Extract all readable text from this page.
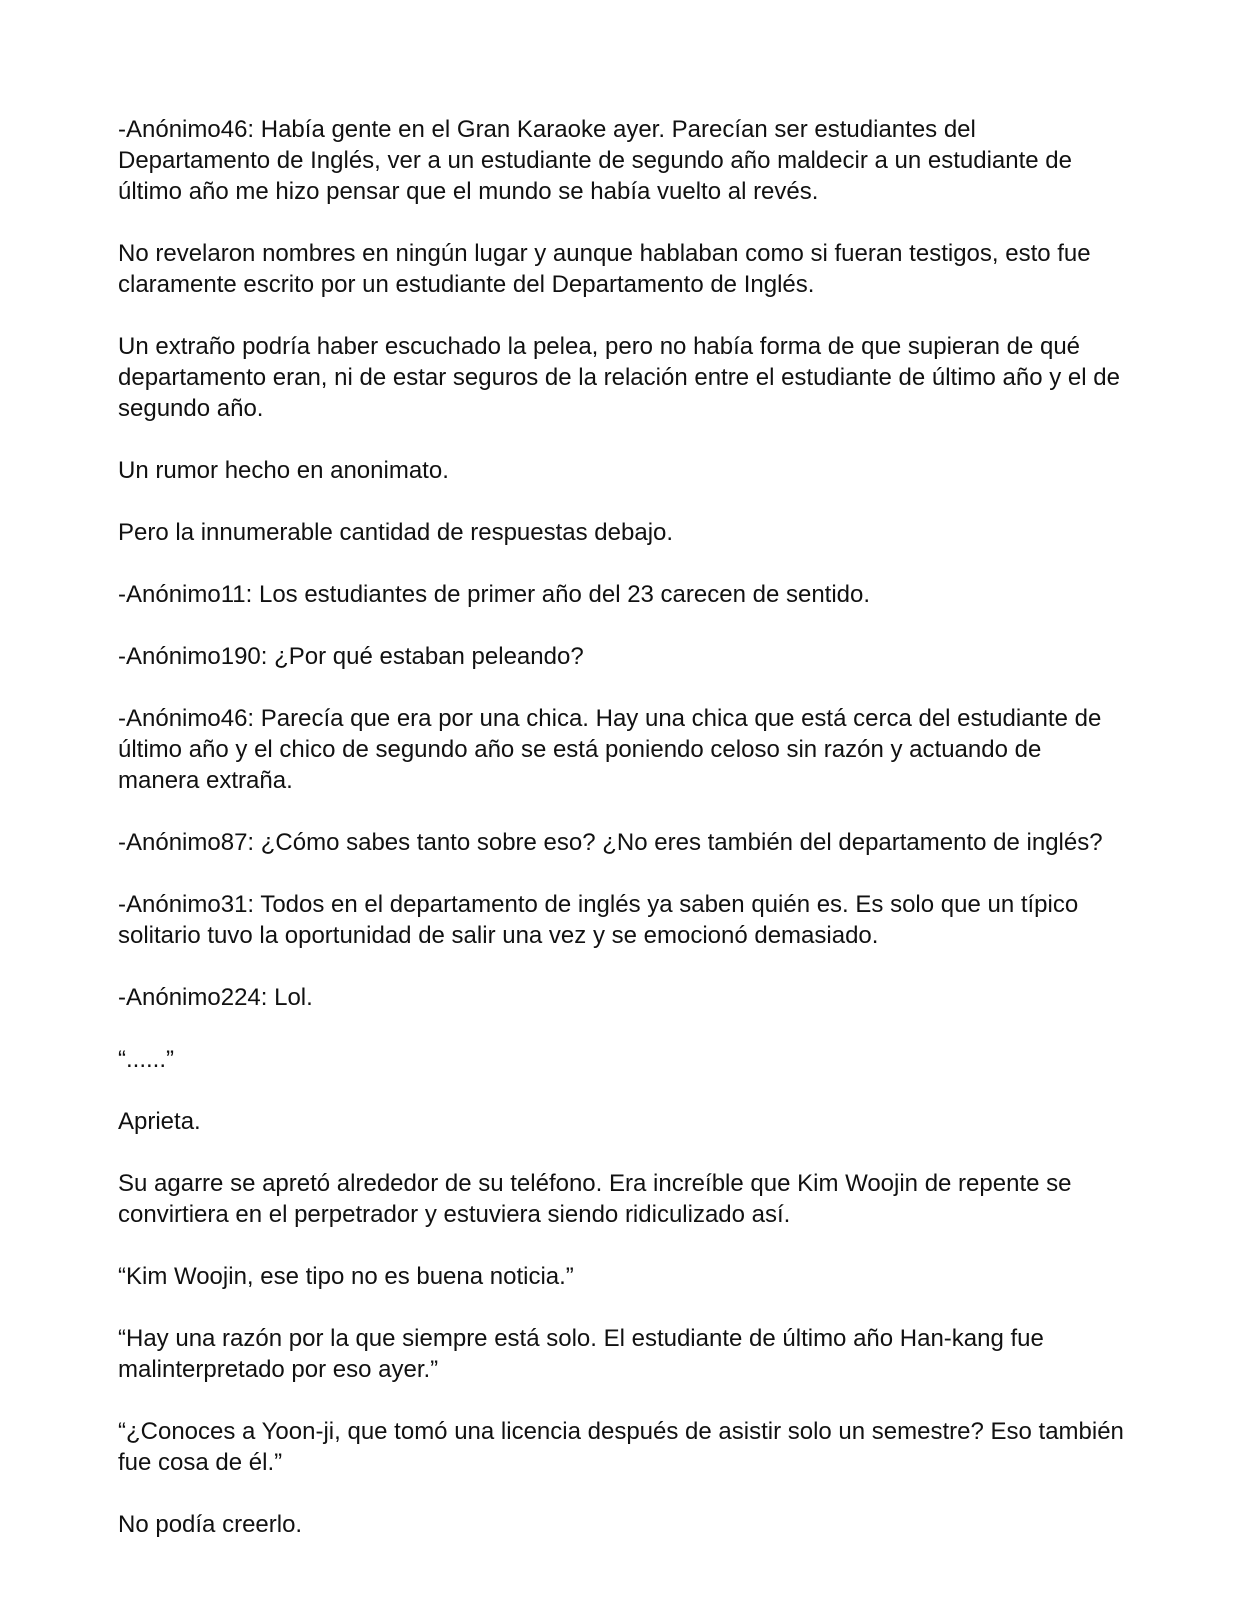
-Anónimo46: Había gente en el Gran Karaoke ayer. Parecían ser estudiantes del Departamento de Inglés, ver a un estudiante de segundo año maldecir a un estudiante de último año me hizo pensar que el mundo se había vuelto al revés.

No revelaron nombres en ningún lugar y aunque hablaban como si fueran testigos, esto fue claramente escrito por un estudiante del Departamento de Inglés.

Un extraño podría haber escuchado la pelea, pero no había forma de que supieran de qué departamento eran, ni de estar seguros de la relación entre el estudiante de último año y el de segundo año.

Un rumor hecho en anonimato.

Pero la innumerable cantidad de respuestas debajo.

-Anónimo11: Los estudiantes de primer año del 23 carecen de sentido.

-Anónimo190: ¿Por qué estaban peleando?

-Anónimo46: Parecía que era por una chica. Hay una chica que está cerca del estudiante de último año y el chico de segundo año se está poniendo celoso sin razón y actuando de manera extraña.

-Anónimo87: ¿Cómo sabes tanto sobre eso? ¿No eres también del departamento de inglés?

-Anónimo31: Todos en el departamento de inglés ya saben quién es. Es solo que un típico solitario tuvo la oportunidad de salir una vez y se emocionó demasiado.

-Anónimo224: Lol.

“......”

Aprieta.

Su agarre se apretó alrededor de su teléfono. Era increíble que Kim Woojin de repente se convirtiera en el perpetrador y estuviera siendo ridiculizado así.

“Kim Woojin, ese tipo no es buena noticia.”

“Hay una razón por la que siempre está solo. El estudiante de último año Han-kang fue malinterpretado por eso ayer.”

“¿Conoces a Yoon-ji, que tomó una licencia después de asistir solo un semestre? Eso también fue cosa de él.”

No podía creerlo.
